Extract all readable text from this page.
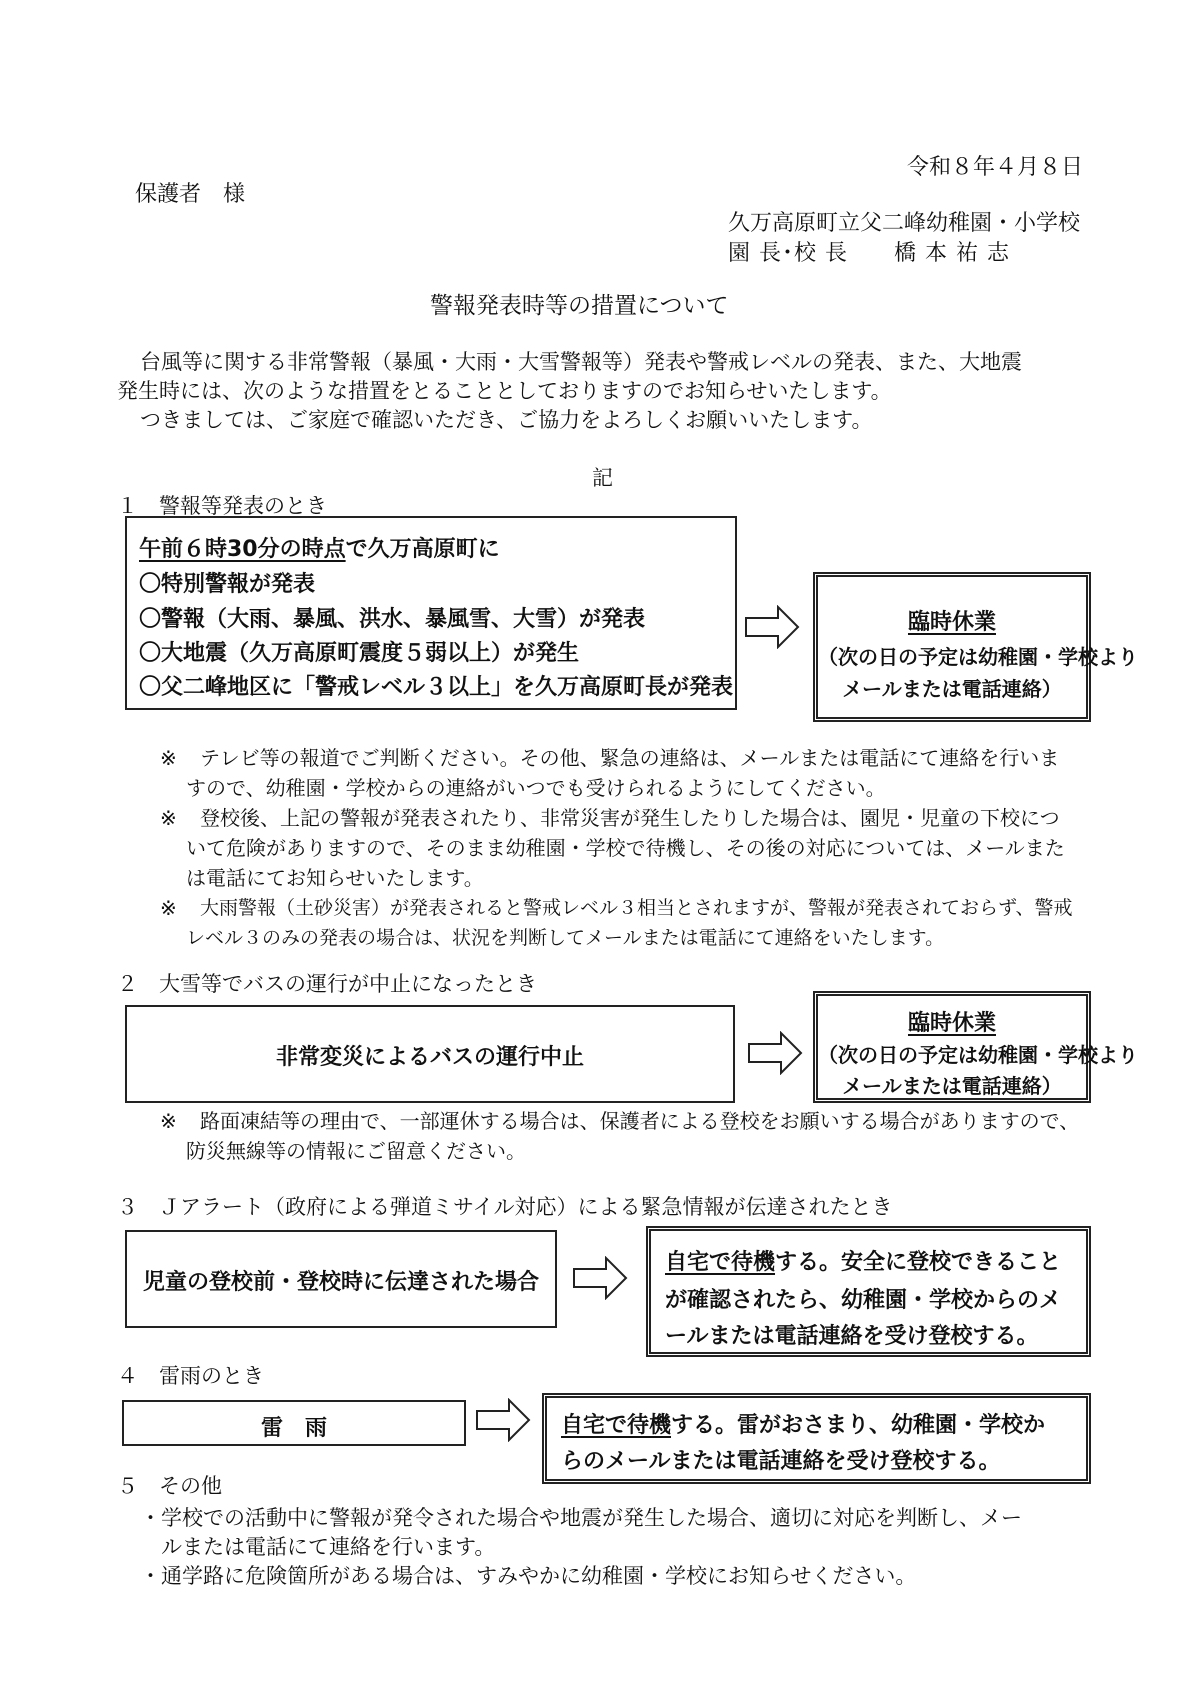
令和８年４月８日
保護者　様
久万高原町立父二峰幼稚園・小学校
園 長･校 長　　橋 本 祐 志
警報発表時等の措置について
台風等に関する非常警報（暴風・大雨・大雪警報等）発表や警戒レベルの発表、また、大地震
発生時には、次のような措置をとることとしておりますのでお知らせいたします。
つきましては、ご家庭で確認いただき、ご協力をよろしくお願いいたします。
記
１　警報等発表のとき
午前６時30分の時点で久万高原町に
〇特別警報が発表
〇警報（大雨、暴風、洪水、暴風雪、大雪）が発表
〇大地震（久万高原町震度５弱以上）が発生
〇父二峰地区に「警戒レベル３以上」を久万高原町長が発表
臨時休業
（次の日の予定は幼稚園・学校より
メールまたは電話連絡）
※ テレビ等の報道でご判断ください。その他、緊急の連絡は、メールまたは電話にて連絡を行いま
すので、幼稚園・学校からの連絡がいつでも受けられるようにしてください。
※ 登校後、上記の警報が発表されたり、非常災害が発生したりした場合は、園児・児童の下校につ
いて危険がありますので、そのまま幼稚園・学校で待機し、その後の対応については、メールまた
は電話にてお知らせいたします。
※ 大雨警報（土砂災害）が発表されると警戒レベル３相当とされますが、警報が発表されておらず、警戒
レベル３のみの発表の場合は、状況を判断してメールまたは電話にて連絡をいたします。
２　大雪等でバスの運行が中止になったとき
非常変災によるバスの運行中止
臨時休業
（次の日の予定は幼稚園・学校より
メールまたは電話連絡）
※ 路面凍結等の理由で、一部運休する場合は、保護者による登校をお願いする場合がありますので、
防災無線等の情報にご留意ください。
３　Ｊアラート（政府による弾道ミサイル対応）による緊急情報が伝達されたとき
児童の登校前・登校時に伝達された場合
自宅で待機する。安全に登校できること
が確認されたら、幼稚園・学校からのメ
ールまたは電話連絡を受け登校する。
４　雷雨のとき
雷　雨	自宅で待機する。雷がおさまり、幼稚園・学校か
らのメールまたは電話連絡を受け登校する。
５　その他
・学校での活動中に警報が発令された場合や地震が発生した場合、適切に対応を判断し、メー
　ルまたは電話にて連絡を行います。
・通学路に危険箇所がある場合は、すみやかに幼稚園・学校にお知らせください。
